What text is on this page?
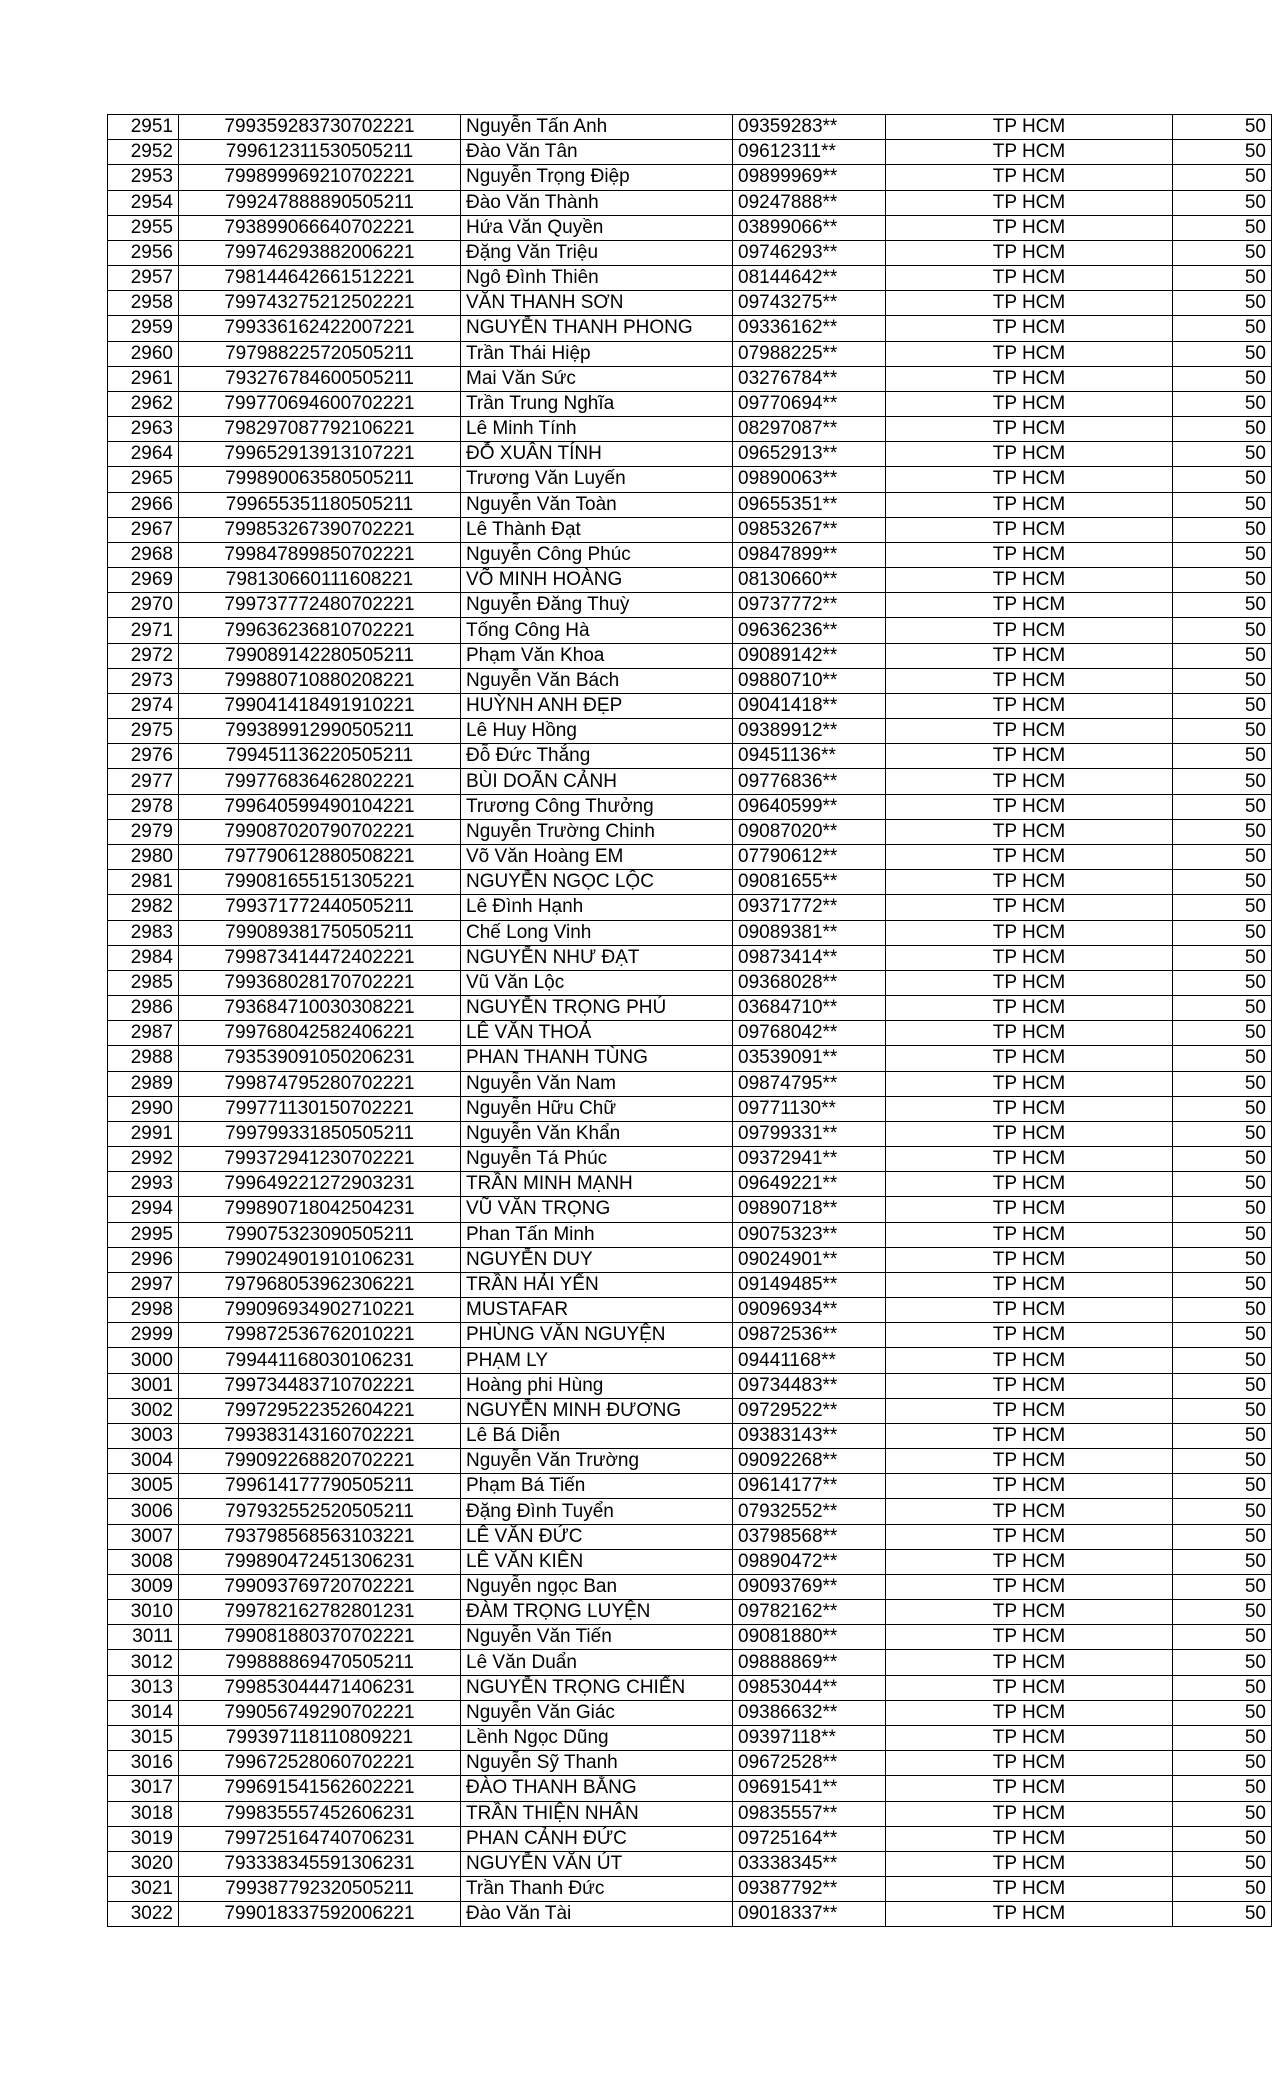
2951	799359283730702221	Nguyễn Tấn Anh	09359283**	TP HCM	50
2952	799612311530505211	Đào Văn Tân	09612311**	TP HCM	50
2953	799899969210702221	Nguyễn Trọng Điệp	09899969**	TP HCM	50
2954	799247888890505211	Đào Văn Thành	09247888**	TP HCM	50
2955	793899066640702221	Hứa Văn Quyền	03899066**	TP HCM	50
2956	799746293882006221	Đặng Văn Triệu	09746293**	TP HCM	50
2957	798144642661512221	Ngô Đình Thiên	08144642**	TP HCM	50
2958	799743275212502221	VĂN THANH SƠN	09743275**	TP HCM	50
2959	799336162422007221	NGUYỄN THANH PHONG	09336162**	TP HCM	50
2960	797988225720505211	Trần Thái Hiệp	07988225**	TP HCM	50
2961	793276784600505211	Mai Văn Sức	03276784**	TP HCM	50
2962	799770694600702221	Trần Trung Nghĩa	09770694**	TP HCM	50
2963	798297087792106221	Lê Minh Tính	08297087**	TP HCM	50
2964	799652913913107221	ĐỖ XUÂN TÍNH	09652913**	TP HCM	50
2965	799890063580505211	Trương Văn Luyến	09890063**	TP HCM	50
2966	799655351180505211	Nguyễn Văn Toàn	09655351**	TP HCM	50
2967	799853267390702221	Lê Thành Đạt	09853267**	TP HCM	50
2968	799847899850702221	Nguyễn Công Phúc	09847899**	TP HCM	50
2969	798130660111608221	VÕ MINH HOÀNG	08130660**	TP HCM	50
2970	799737772480702221	Nguyễn Đăng Thuỳ	09737772**	TP HCM	50
2971	799636236810702221	Tống Công Hà	09636236**	TP HCM	50
2972	799089142280505211	Phạm Văn Khoa	09089142**	TP HCM	50
2973	799880710880208221	Nguyễn Văn Bách	09880710**	TP HCM	50
2974	799041418491910221	HUỲNH ANH ĐẸP	09041418**	TP HCM	50
2975	799389912990505211	Lê Huy Hồng	09389912**	TP HCM	50
2976	799451136220505211	Đỗ Đức Thắng	09451136**	TP HCM	50
2977	799776836462802221	BÙI DOÃN CẢNH	09776836**	TP HCM	50
2978	799640599490104221	Trương Công Thưởng	09640599**	TP HCM	50
2979	799087020790702221	Nguyễn Trường Chinh	09087020**	TP HCM	50
2980	797790612880508221	Võ Văn Hoàng EM	07790612**	TP HCM	50
2981	799081655151305221	NGUYỄN NGỌC LỘC	09081655**	TP HCM	50
2982	799371772440505211	Lê Đình Hạnh	09371772**	TP HCM	50
2983	799089381750505211	Chế Long Vinh	09089381**	TP HCM	50
2984	799873414472402221	NGUYỄN NHƯ ĐẠT	09873414**	TP HCM	50
2985	799368028170702221	Vũ Văn Lộc	09368028**	TP HCM	50
2986	793684710030308221	NGUYỄN TRỌNG PHÚ	03684710**	TP HCM	50
2987	799768042582406221	LÊ VĂN THOẢ	09768042**	TP HCM	50
2988	793539091050206231	PHAN THANH TÙNG	03539091**	TP HCM	50
2989	799874795280702221	Nguyễn Văn Nam	09874795**	TP HCM	50
2990	799771130150702221	Nguyễn Hữu Chữ	09771130**	TP HCM	50
2991	799799331850505211	Nguyễn Văn Khẩn	09799331**	TP HCM	50
2992	799372941230702221	Nguyễn Tá Phúc	09372941**	TP HCM	50
2993	799649221272903231	TRẦN MINH MẠNH	09649221**	TP HCM	50
2994	799890718042504231	VŨ VĂN TRỌNG	09890718**	TP HCM	50
2995	799075323090505211	Phan Tấn Minh	09075323**	TP HCM	50
2996	799024901910106231	NGUYỄN DUY	09024901**	TP HCM	50
2997	797968053962306221	TRẦN HẢI YẾN	09149485**	TP HCM	50
2998	799096934902710221	MUSTAFAR	09096934**	TP HCM	50
2999	799872536762010221	PHÙNG VĂN NGUYỆN	09872536**	TP HCM	50
3000	799441168030106231	PHẠM LY	09441168**	TP HCM	50
3001	799734483710702221	Hoàng phi Hùng	09734483**	TP HCM	50
3002	799729522352604221	NGUYỄN MINH ĐƯƠNG	09729522**	TP HCM	50
3003	799383143160702221	Lê Bá Diễn	09383143**	TP HCM	50
3004	799092268820702221	Nguyễn Văn Trường	09092268**	TP HCM	50
3005	799614177790505211	Phạm Bá Tiến	09614177**	TP HCM	50
3006	797932552520505211	Đặng Đình Tuyển	07932552**	TP HCM	50
3007	793798568563103221	LÊ VĂN ĐỨC	03798568**	TP HCM	50
3008	799890472451306231	LÊ VĂN KIÊN	09890472**	TP HCM	50
3009	799093769720702221	Nguyễn ngọc Ban	09093769**	TP HCM	50
3010	799782162782801231	ĐÀM TRỌNG LUYỆN	09782162**	TP HCM	50
3011	799081880370702221	Nguyễn Văn Tiến	09081880**	TP HCM	50
3012	799888869470505211	Lê Văn Duẩn	09888869**	TP HCM	50
3013	799853044471406231	NGUYỄN TRỌNG CHIẾN	09853044**	TP HCM	50
3014	799056749290702221	Nguyễn Văn Giác	09386632**	TP HCM	50
3015	799397118110809221	Lềnh Ngọc Dũng	09397118**	TP HCM	50
3016	799672528060702221	Nguyễn Sỹ Thanh	09672528**	TP HCM	50
3017	799691541562602221	ĐÀO THANH BẰNG	09691541**	TP HCM	50
3018	799835557452606231	TRẦN THIỆN NHÂN	09835557**	TP HCM	50
3019	799725164740706231	PHAN CẢNH ĐỨC	09725164**	TP HCM	50
3020	793338345591306231	NGUYỄN VĂN ÚT	03338345**	TP HCM	50
3021	799387792320505211	Trần Thanh Đức	09387792**	TP HCM	50
3022	799018337592006221	Đào Văn Tài	09018337**	TP HCM	50
